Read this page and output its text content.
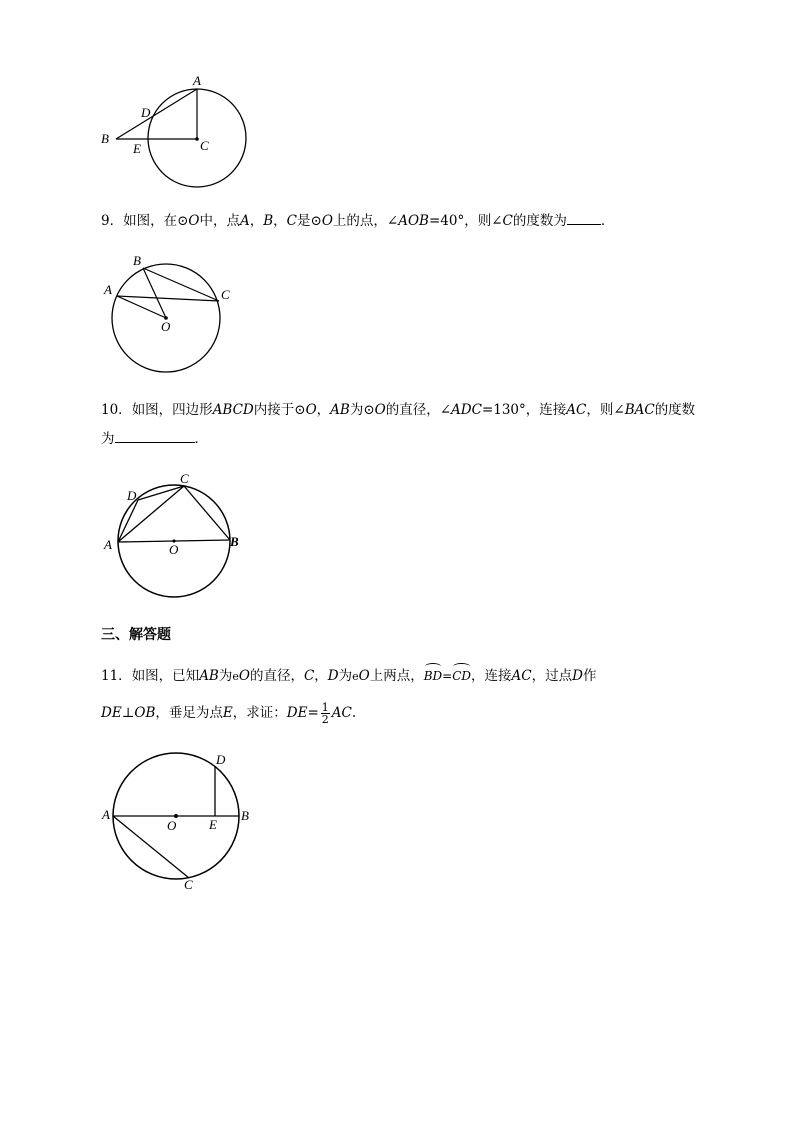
A
D
B
E	C
9．如图，在⊙O中，点A，B，C是⊙O上的点，∠AOB=40°，则∠C的度数为	．
B
A	C
O
10．如图，四边形ABCD内接于⊙O，AB为⊙O的直径，∠ADC=130°，连接AC，则∠BAC的度数
为	．
C
D
A	O
B
三、解答题
11．如图，已知AB为eO的直径，C，D为eO上两点，BD=CD，连接AC，过点D作
DE⊥OB，垂足为点E，求证：$DE= \frac{1}{2}$ AC.
D
A
O	E
B
C
